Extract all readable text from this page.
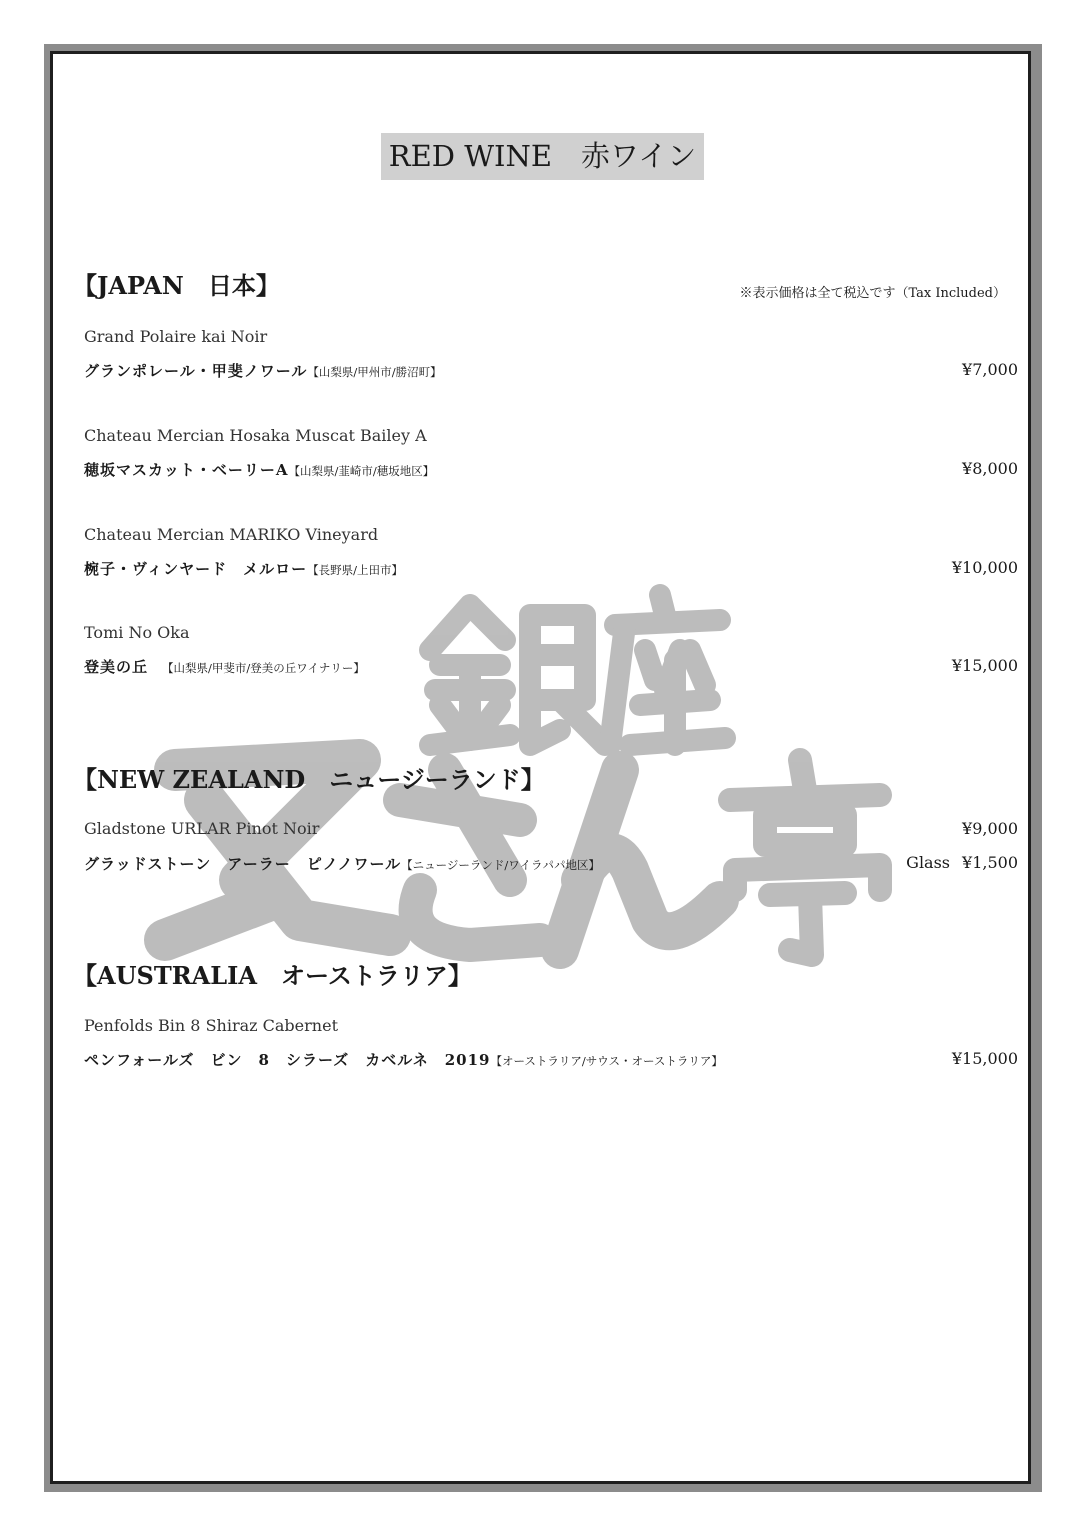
RED WINE　赤ワイン
【JAPAN　日本】	※表示価格は全て税込です（Tax Included）
Grand Polaire kai Noir
グランポレール・甲斐ノワール【山梨県/甲州市/勝沼町】	¥7,000
Chateau Mercian Hosaka Muscat Bailey A
穂坂マスカット・ベーリーA【山梨県/韮崎市/穂坂地区】	¥8,000
Chateau Mercian MARIKO Vineyard
椀子・ヴィンヤード　メルロー【長野県/上田市】	¥10,000
Tomi No Oka
登美の丘 【山梨県/甲斐市/登美の丘ワイナリー】	¥15,000
【NEW ZEALAND　ニュージーランド】
Gladstone URLAR Pinot Noir	¥9,000
グラッドストーン　アーラー　ピノノワール【ニュージーランド/ワイラパパ地区】	Glass ¥1,500
【AUSTRALIA　オーストラリア】
Penfolds Bin 8 Shiraz Cabernet
ペンフォールズ　ビン　8　シラーズ　カベルネ　2019【オーストラリア/サウス・オーストラリア】	¥15,000
